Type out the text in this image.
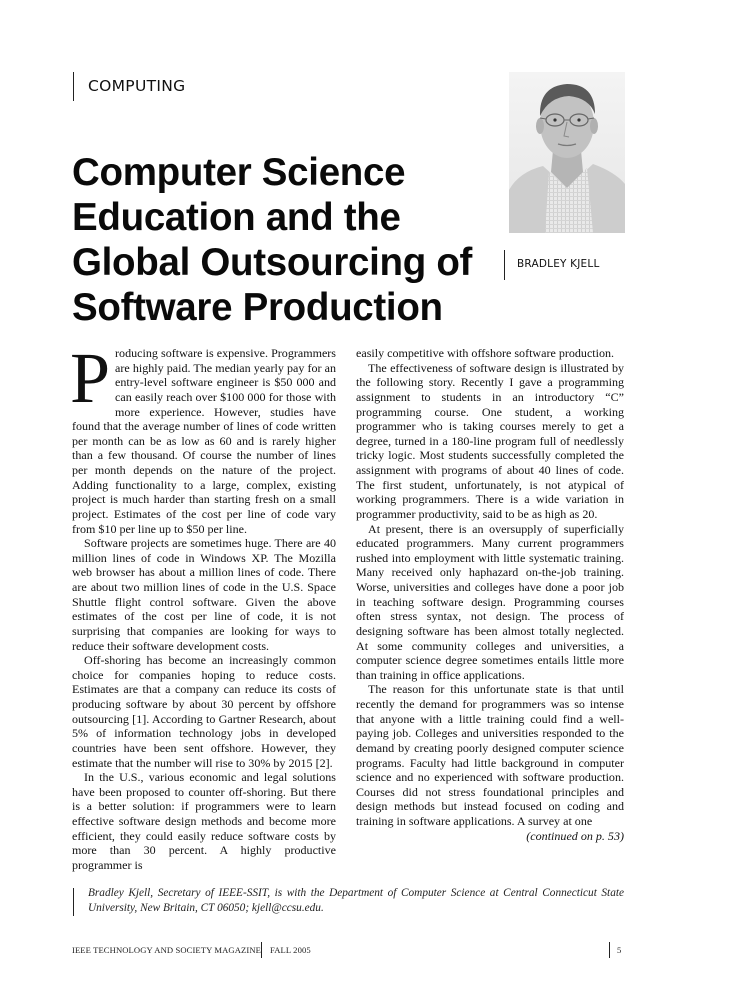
COMPUTING
Computer Science
Education and the
Global Outsourcing of
Software Production
BRADLEY KJELL

Producing software is expensive. Programmers are highly paid. The median yearly pay for an entry-level software engineer is $50 000 and can easily reach over $100 000 for those with more experience. However, studies have found that the average number of lines of code written per month can be as low as 60 and is rarely higher than a few thousand. Of course the number of lines per month depends on the nature of the project. Adding functionality to a large, complex, existing project is much harder than starting fresh on a small project. Estimates of the cost per line of code vary from $10 per line up to $50 per line.

Software projects are sometimes huge. There are 40 million lines of code in Windows XP. The Mozilla web browser has about a million lines of code. There are about two million lines of code in the U.S. Space Shuttle flight control software. Given the above estimates of the cost per line of code, it is not surprising that companies are looking for ways to reduce their software development costs.

Off-shoring has become an increasingly common choice for companies hoping to reduce costs. Estimates are that a company can reduce its costs of producing software by about 30 percent by offshore outsourcing [1]. According to Gartner Research, about 5% of information technology jobs in developed countries have been sent offshore. However, they estimate that the number will rise to 30% by 2015 [2].

In the U.S., various economic and legal solutions have been proposed to counter off-shoring. But there is a better solution: if programmers were to learn effective software design methods and become more efficient, they could easily reduce software costs by more than 30 percent. A highly productive programmer is

easily competitive with offshore software production.

The effectiveness of software design is illustrated by the following story. Recently I gave a programming assignment to students in an introductory “C” programming course. One student, a working programmer who is taking courses merely to get a degree, turned in a 180-line program full of needlessly tricky logic. Most students successfully completed the assignment with programs of about 40 lines of code. The first student, unfortunately, is not atypical of working programmers. There is a wide variation in programmer productivity, said to be as high as 20.

At present, there is an oversupply of superficially educated programmers. Many current programmers rushed into employment with little systematic training. Many received only haphazard on-the-job training. Worse, universities and colleges have done a poor job in teaching software design. Programming courses often stress syntax, not design. The process of designing software has been almost totally neglected. At some community colleges and universities, a computer science degree sometimes entails little more than training in office applications.

The reason for this unfortunate state is that until recently the demand for programmers was so intense that anyone with a little training could find a well-paying job. Colleges and universities responded to the demand by creating poorly designed computer science programs. Faculty had little background in computer science and no experienced with software production. Courses did not stress foundational principles and design methods but instead focused on coding and training in software applications. A survey at one

(continued on p. 53)
Bradley Kjell, Secretary of IEEE-SSIT, is with the Department of Computer Science at Central Connecticut State University, New Britain, CT 06050; kjell@ccsu.edu.
IEEE TECHNOLOGY AND SOCIETY MAGAZINE FALL 2005	5
